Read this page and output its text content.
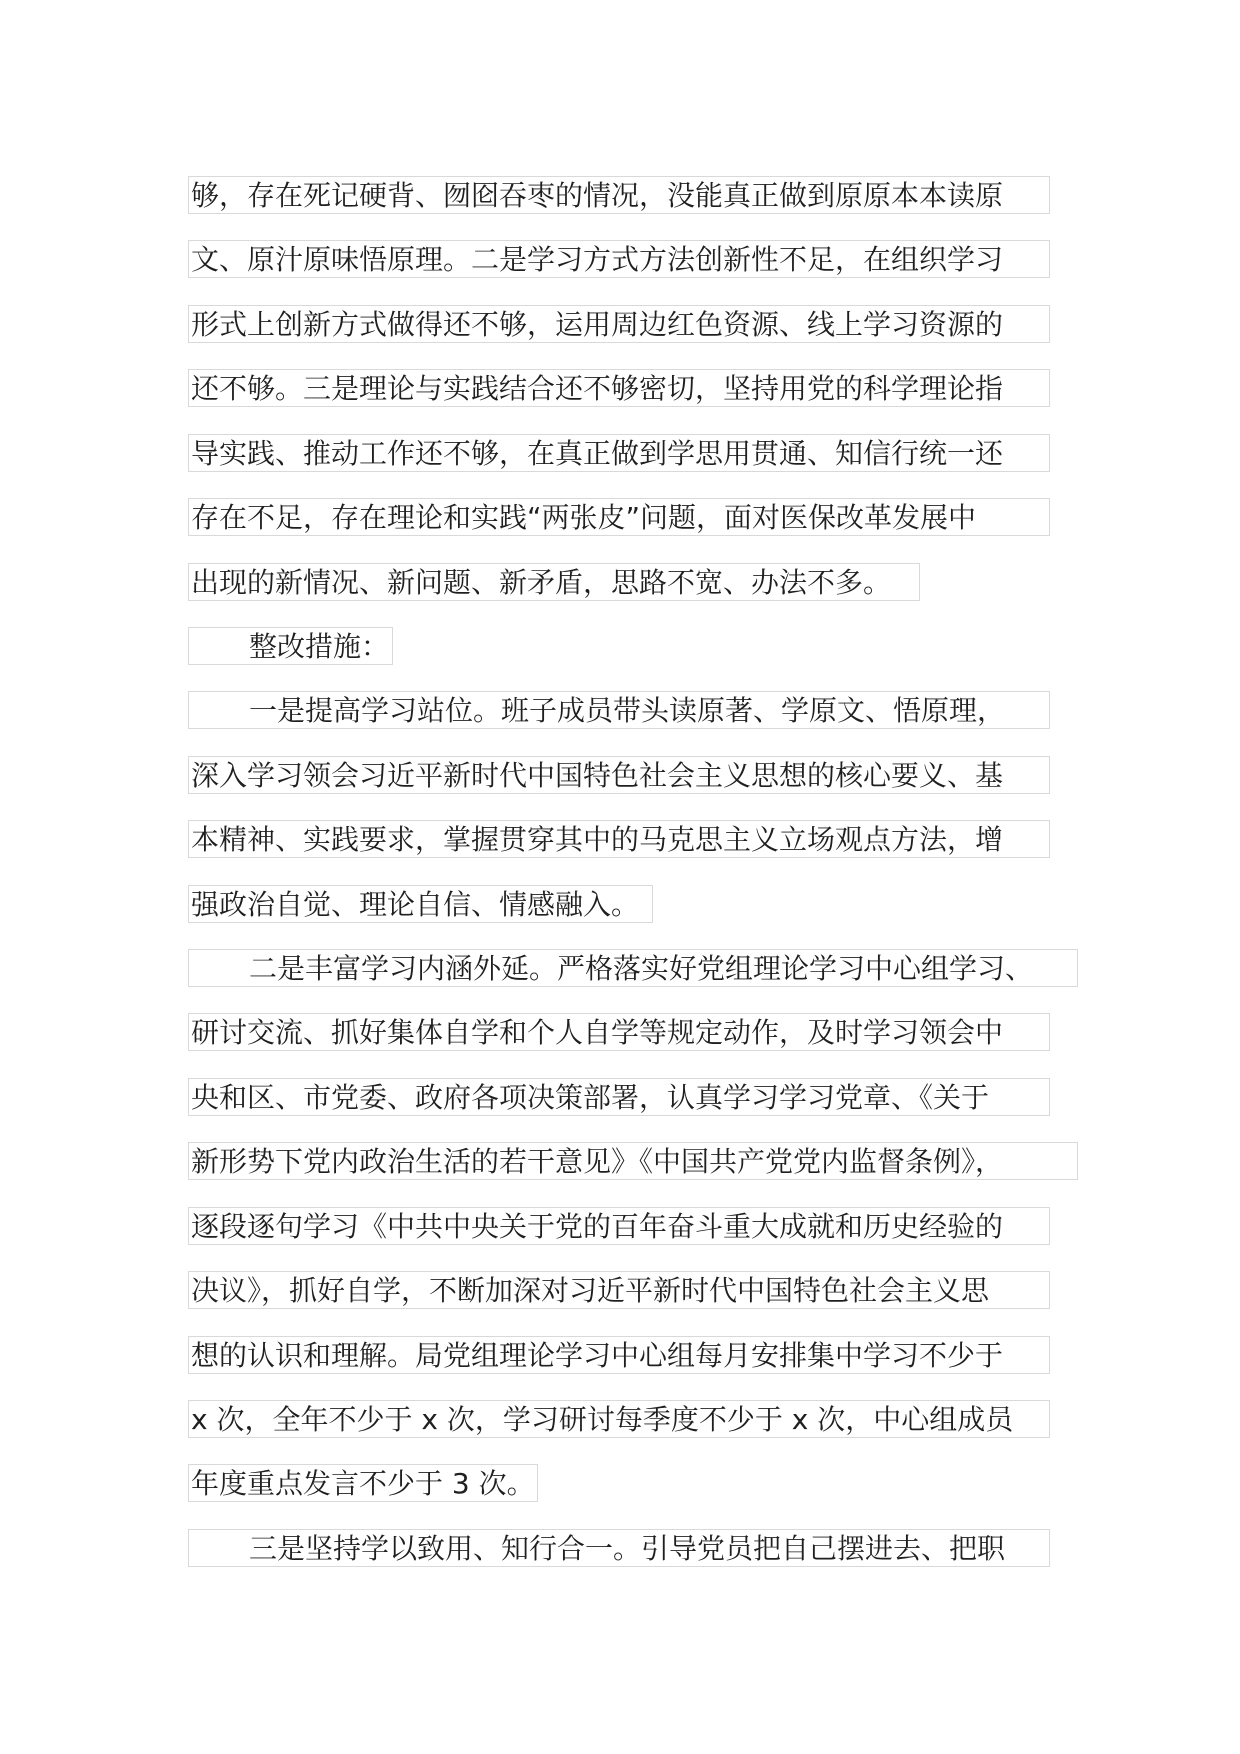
够，存在死记硬背、囫囵吞枣的情况，没能真正做到原原本本读原
文、原汁原味悟原理。二是学习方式方法创新性不足，在组织学习
形式上创新方式做得还不够，运用周边红色资源、线上学习资源的
还不够。三是理论与实践结合还不够密切，坚持用党的科学理论指
导实践、推动工作还不够，在真正做到学思用贯通、知信行统一还
存在不足，存在理论和实践“两张皮”问题，面对医保改革发展中
出现的新情况、新问题、新矛盾，思路不宽、办法不多。
整改措施：
一是提高学习站位。班子成员带头读原著、学原文、悟原理，
深入学习领会习近平新时代中国特色社会主义思想的核心要义、基
本精神、实践要求，掌握贯穿其中的马克思主义立场观点方法，增
强政治自觉、理论自信、情感融入。
二是丰富学习内涵外延。严格落实好党组理论学习中心组学习、
研讨交流、抓好集体自学和个人自学等规定动作，及时学习领会中
央和区、市党委、政府各项决策部署，认真学习学习党章、《关于
新形势下党内政治生活的若干意见》《中国共产党党内监督条例》，
逐段逐句学习《中共中央关于党的百年奋斗重大成就和历史经验的
决议》，抓好自学，不断加深对习近平新时代中国特色社会主义思
想的认识和理解。局党组理论学习中心组每月安排集中学习不少于
x 次，全年不少于 x 次，学习研讨每季度不少于 x 次，中心组成员
年度重点发言不少于 3 次。
三是坚持学以致用、知行合一。引导党员把自己摆进去、把职
